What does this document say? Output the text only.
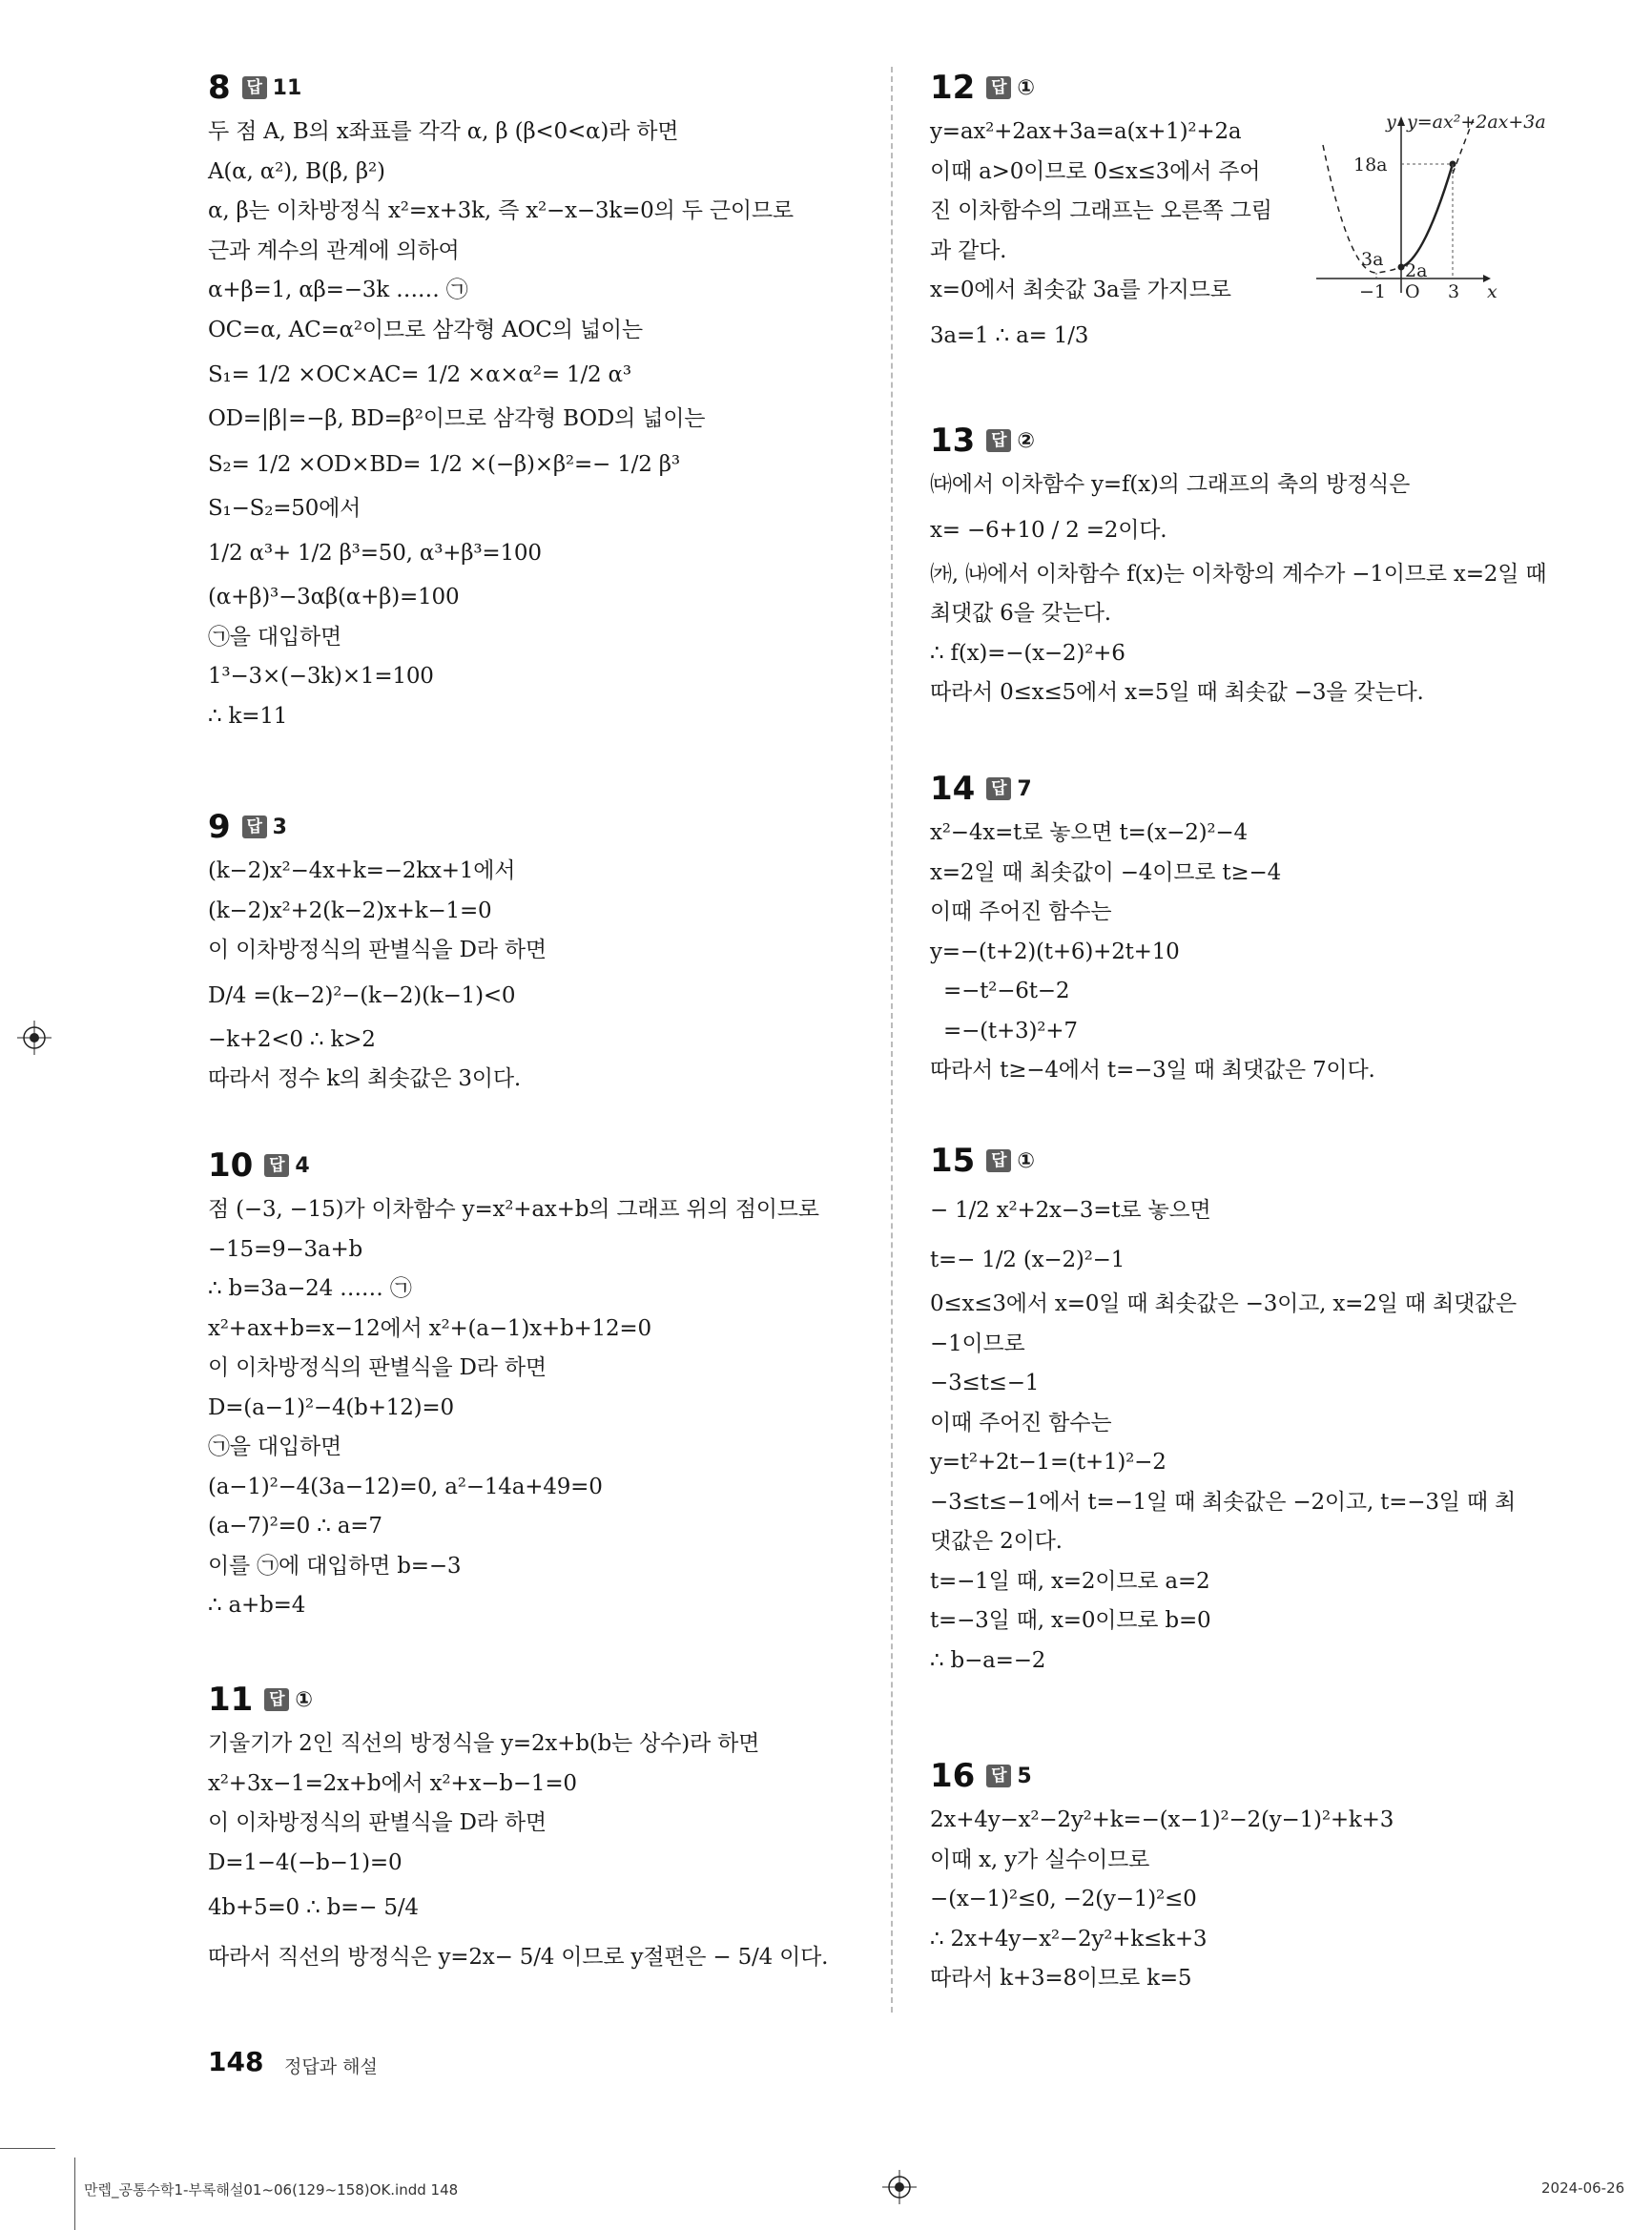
8 답 11
두 점 A, B의 x좌표를 각각 α, β (β<0<α)라 하면
A(α, α²), B(β, β²)
α, β는 이차방정식 x²=x+3k, 즉 x²−x−3k=0의 두 근이므로
근과 계수의 관계에 의하여
α+β=1, αβ=−3k …… ㉠
OC=α, AC=α²이므로 삼각형 AOC의 넓이는
S₁= 1/2 ×OC×AC= 1/2 ×α×α²= 1/2 α³
OD=|β|=−β, BD=β²이므로 삼각형 BOD의 넓이는
S₂= 1/2 ×OD×BD= 1/2 ×(−β)×β²=− 1/2 β³
S₁−S₂=50에서
1/2 α³+ 1/2 β³=50, α³+β³=100
(α+β)³−3αβ(α+β)=100
㉠을 대입하면
1³−3×(−3k)×1=100
∴ k=11
9 답 3
(k−2)x²−4x+k=−2kx+1에서
(k−2)x²+2(k−2)x+k−1=0
이 이차방정식의 판별식을 D라 하면
D/4 =(k−2)²−(k−2)(k−1)<0
−k+2<0 ∴ k>2
따라서 정수 k의 최솟값은 3이다.
10 답 4
점 (−3, −15)가 이차함수 y=x²+ax+b의 그래프 위의 점이므로
−15=9−3a+b
∴ b=3a−24 …… ㉠
x²+ax+b=x−12에서 x²+(a−1)x+b+12=0
이 이차방정식의 판별식을 D라 하면
D=(a−1)²−4(b+12)=0
㉠을 대입하면
(a−1)²−4(3a−12)=0, a²−14a+49=0
(a−7)²=0 ∴ a=7
이를 ㉠에 대입하면 b=−3
∴ a+b=4
11 답 ①
기울기가 2인 직선의 방정식을 y=2x+b(b는 상수)라 하면
x²+3x−1=2x+b에서 x²+x−b−1=0
이 이차방정식의 판별식을 D라 하면
D=1−4(−b−1)=0
4b+5=0 ∴ b=− 5/4
따라서 직선의 방정식은 y=2x− 5/4 이므로 y절편은 − 5/4 이다.
12 답 ①
y=ax²+2ax+3a=a(x+1)²+2a
이때 a>0이므로 0≤x≤3에서 주어
진 이차함수의 그래프는 오른쪽 그림
과 같다.
x=0에서 최솟값 3a를 가지므로
3a=1 ∴ a= 1/3
y=ax²+2ax+3a
y
x
18a
3a
2a
−1 O 3
13 답 ②
㈐에서 이차함수 y=f(x)의 그래프의 축의 방정식은
x= −6+10 / 2 =2이다.
㈎, ㈏에서 이차함수 f(x)는 이차항의 계수가 −1이므로 x=2일 때
최댓값 6을 갖는다.
∴ f(x)=−(x−2)²+6
따라서 0≤x≤5에서 x=5일 때 최솟값 −3을 갖는다.
14 답 7
x²−4x=t로 놓으면 t=(x−2)²−4
x=2일 때 최솟값이 −4이므로 t≥−4
이때 주어진 함수는
y=−(t+2)(t+6)+2t+10
=−t²−6t−2
=−(t+3)²+7
따라서 t≥−4에서 t=−3일 때 최댓값은 7이다.
15 답 ①
− 1/2 x²+2x−3=t로 놓으면
t=− 1/2 (x−2)²−1
0≤x≤3에서 x=0일 때 최솟값은 −3이고, x=2일 때 최댓값은
−1이므로
−3≤t≤−1
이때 주어진 함수는
y=t²+2t−1=(t+1)²−2
−3≤t≤−1에서 t=−1일 때 최솟값은 −2이고, t=−3일 때 최
댓값은 2이다.
t=−1일 때, x=2이므로 a=2
t=−3일 때, x=0이므로 b=0
∴ b−a=−2
16 답 5
2x+4y−x²−2y²+k=−(x−1)²−2(y−1)²+k+3
이때 x, y가 실수이므로
−(x−1)²≤0, −2(y−1)²≤0
∴ 2x+4y−x²−2y²+k≤k+3
따라서 k+3=8이므로 k=5
148 정답과 해설
만렙_공통수학1-부록해설01~06(129~158)OK.indd 148	2024-06-26
